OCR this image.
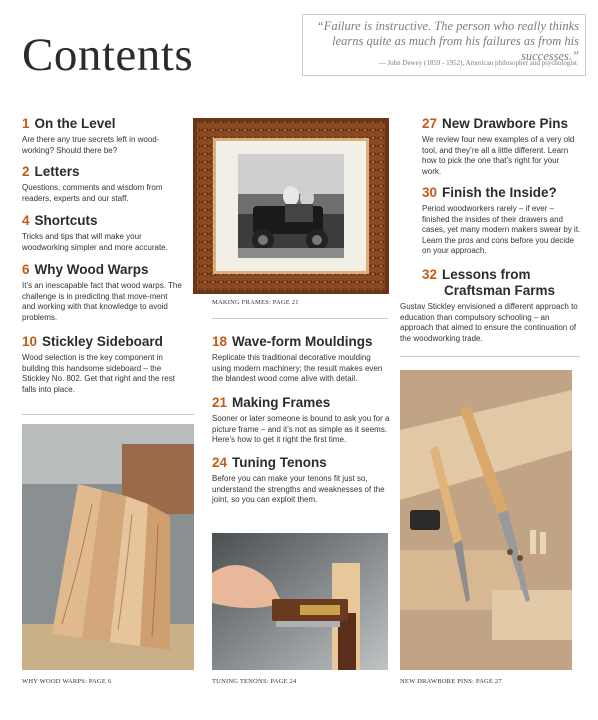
Contents
“Failure is instructive. The person who really thinks learns quite as much from his failures as from his successes.”
— John Dewey (1859 - 1952), American philosopher and psychologist
1 On the Level
Are there any true secrets left in wood-working? Should there be?
2 Letters
Questions, comments and wisdom from readers, experts and our staff.
4 Shortcuts
Tricks and tips that will make your woodworking simpler and more accurate.
6 Why Wood Warps
It’s an inescapable fact that wood warps. The challenge is in predicting that move-ment and working with that knowledge to avoid problems.
10 Stickley Sideboard
Wood selection is the key component in building this handsome sideboard – the Stickley No. 802. Get that right and the rest falls into place.
MAKING FRAMES: PAGE 21
18 Wave-form Mouldings
Replicate this traditional decorative moulding using modern machinery; the result makes even the blandest wood come alive with detail.
21 Making Frames
Sooner or later someone is bound to ask you for a picture frame – and it’s not as simple as it seems. Here’s how to get it right the first time.
24 Tuning Tenons
Before you can make your tenons fit just so, understand the strengths and weaknesses of the joint, so you can exploit them.
27 New Drawbore Pins
We review four new examples of a very old tool, and they’re all a little different. Learn how to pick the one that’s right for your work.
30 Finish the Inside?
Period woodworkers rarely – if ever – finished the insides of their drawers and cases, yet many modern makers swear by it. Learn the pros and cons before you decide on your approach.
32 Lessons from
Craftsman Farms
Gustav Stickley envisioned a different approach to education than compulsory schooling – an approach that aimed to ensure the continuation of the woodworking trade.
WHY WOOD WARPS: PAGE 6	TUNING TENONS: PAGE 24	NEW DRAWBORE PINS: PAGE 27
